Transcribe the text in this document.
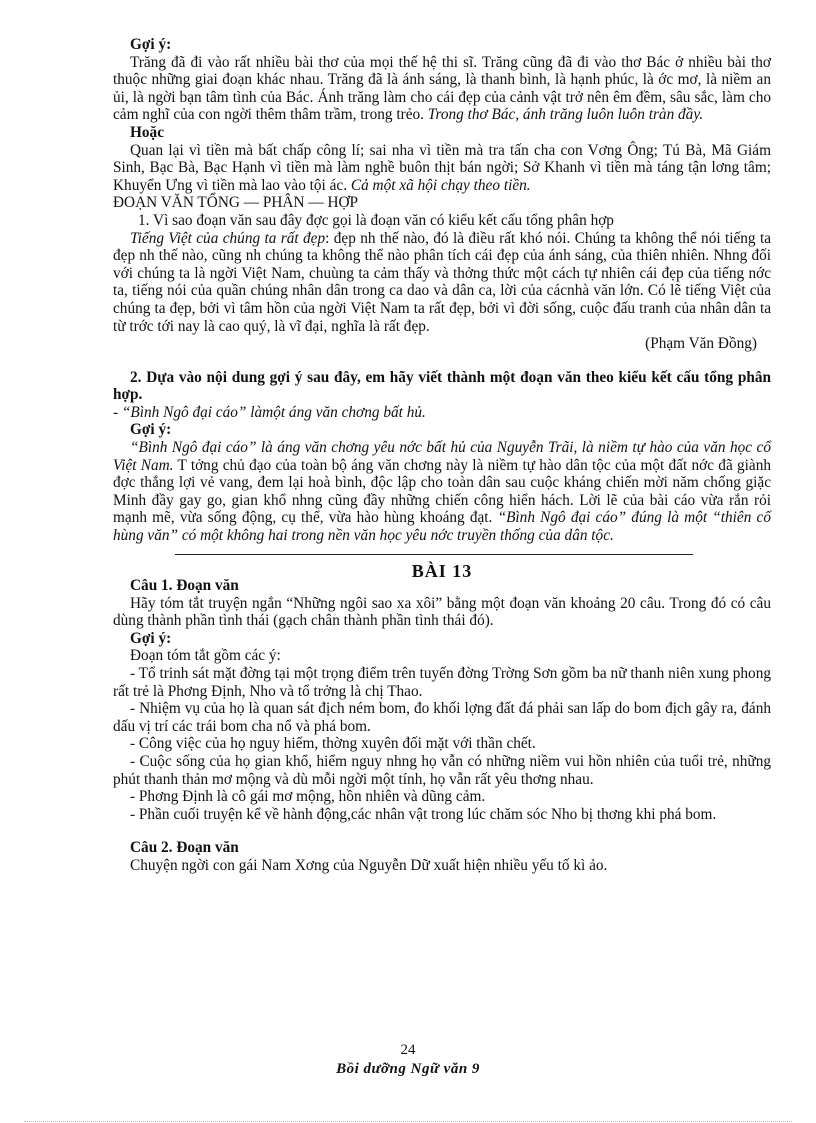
Gợi ý:

Trăng đã đi vào rất nhiều bài thơ của mọi thế hệ thi sĩ. Trăng cũng đã đi vào thơ Bác ở nhiều bài thơ thuộc những giai đoạn khác nhau. Trăng đã là ánh sáng, là thanh bình, là hạnh phúc, là ớc mơ, là niềm an ủi, là ngời bạn tâm tình của Bác. Ánh trăng làm cho cái đẹp của cảnh vật trở nên êm đềm, sâu sắc, làm cho cảm nghĩ của con ngời thêm thâm trầm, trong trẻo. Trong thơ Bác, ánh trăng luôn luôn tràn đầy.

Hoặc

Quan lại vì tiền mà bất chấp công lí; sai nha vì tiền mà tra tấn cha con Vơng Ông; Tú Bà, Mã Giám Sinh, Bạc Bà, Bạc Hạnh vì tiền mà làm nghề buôn thịt bán ngời; Sở Khanh vì tiền mà táng tận lơng tâm; Khuyển Ưng vì tiền mà lao vào tội ác. Cả một xã hội chạy theo tiền.

ĐOẠN VĂN TỔNG — PHÂN — HỢP

1. Vì sao đoạn văn sau đây đợc gọi là đoạn văn có kiểu kết cấu tổng phân hợp

Tiếng Việt của chúng ta rất đẹp: đẹp nh thế nào, đó là điều rất khó nói. Chúng ta không thể nói tiếng ta đẹp nh thế nào, cũng nh chúng ta không thể nào phân tích cái đẹp của ánh sáng, của thiên nhiên. Nhng đối với chúng ta là ngời Việt Nam, chuùng ta cảm thấy và thởng thức một cách tự nhiên cái đẹp của tiếng nớc ta, tiếng nói của quần chúng nhân dân trong ca dao và dân ca, lời của cácnhà văn lớn. Có lẽ tiếng Việt của chúng ta đẹp, bởi vì tâm hồn của ngời Việt Nam ta rất đẹp, bởi vì đời sống, cuộc đấu tranh của nhân dân ta từ trớc tới nay là cao quý, là vĩ đại, nghĩa là rất đẹp.

(Phạm Văn Đồng)

2. Dựa vào nội dung gợi ý sau đây, em hãy viết thành một đoạn văn theo kiểu kết cấu tổng phân hợp.

- “Bình Ngô đại cáo” làmột áng văn chơng bất hủ.

Gợi ý:

“Bình Ngô đại cáo” là áng văn chơng yêu nớc bất hủ của Nguyễn Trãi, là niềm tự hào của văn học cổ Việt Nam. T tởng chủ đạo của toàn bộ áng văn chơng này là niềm tự hào dân tộc của một đất nớc đã giành đợc thắng lợi vẻ vang, đem lại hoà bình, độc lập cho toàn dân sau cuộc kháng chiến mời năm chống giặc Minh đầy gay go, gian khổ nhng cũng đầy những chiến công hiển hách. Lời lẽ của bài cáo vừa rắn rỏi mạnh mẽ, vừa sống động, cụ thể, vừa hào hùng khoáng đạt. “Bình Ngô đại cáo” đúng là một “thiên cổ hùng văn” có một không hai trong nền văn học yêu nớc truyền thống của dân tộc.

BÀI 13
Câu 1. Đoạn văn

Hãy tóm tắt truyện ngắn “Những ngôi sao xa xôi” bằng một đoạn văn khoảng 20 câu. Trong đó có câu dùng thành phần tình thái (gạch chân thành phần tình thái đó).

Gợi ý:

Đoạn tóm tắt gồm các ý:

- Tổ trinh sát mặt đờng tại một trọng điểm trên tuyến đờng Trờng Sơn gồm ba nữ thanh niên xung phong rất trẻ là Phơng Định, Nho và tổ trởng là chị Thao.

- Nhiệm vụ của họ là quan sát địch ném bom, đo khối lợng đất đá phải san lấp do bom địch gây ra, đánh dấu vị trí các trái bom cha nổ và phá bom.

- Công việc của họ nguy hiểm, thờng xuyên đối mặt với thần chết.

- Cuộc sống của họ gian khổ, hiểm nguy nhng họ vẫn có những niềm vui hồn nhiên của tuổi trẻ, những phút thanh thản mơ mộng và dù mỗi ngời một tính, họ vẫn rất yêu thơng nhau.

- Phơng Định là cô gái mơ mộng, hồn nhiên và dũng cảm.

- Phần cuối truyện kể về hành động,các nhân vật trong lúc chăm sóc Nho bị thơng khi phá bom.

Câu 2. Đoạn văn

Chuyện ngời con gái Nam Xơng của Nguyễn Dữ xuất hiện nhiều yếu tố kì ảo.

24
Bồi dưỡng Ngữ văn 9
